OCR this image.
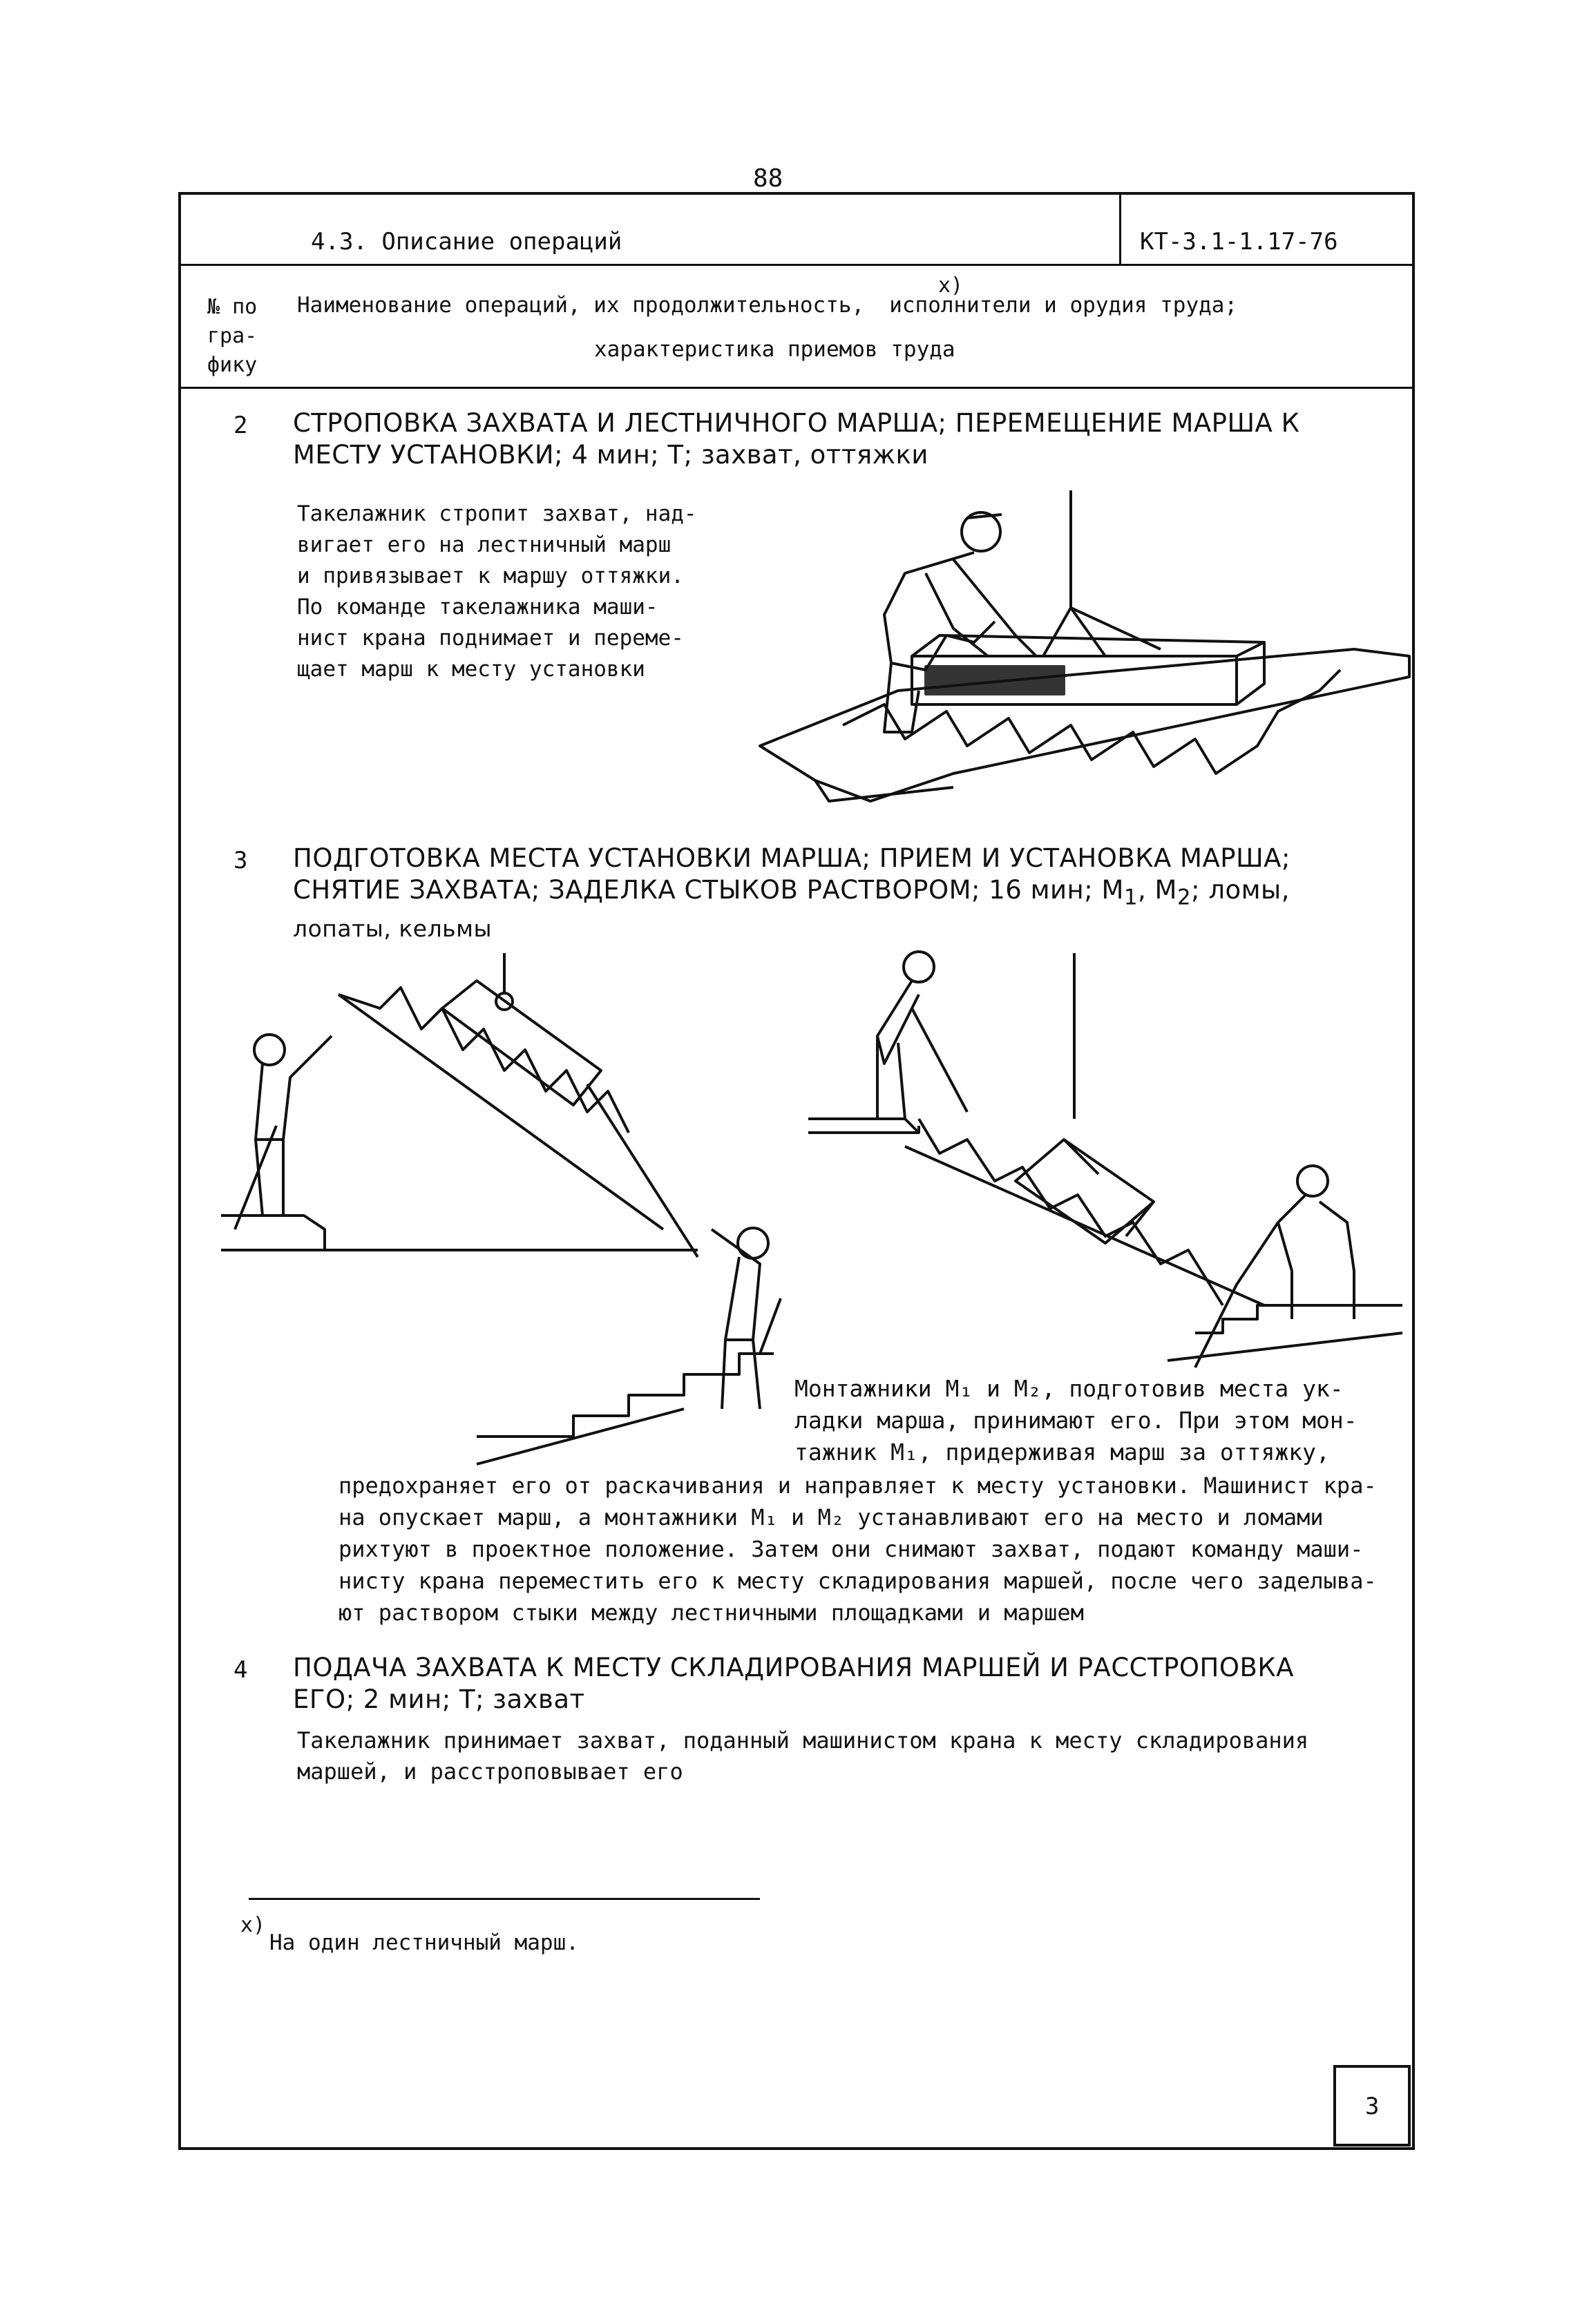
88
4.3. Описание операций	КТ-3.1-1.17-76
№ по
гра-
фику
Наименование операций, их продолжительность, исполнители и орудия труда;
x)
характеристика приемов труда
2 СТРОПОВКА ЗАХВАТА И ЛЕСТНИЧНОГО МАРША; ПЕРЕМЕЩЕНИЕ МАРША К
МЕСТУ УСТАНОВКИ; 4 мин; Т; захват, оттяжки
Такелажник стропит захват, над-
вигает его на лестничный марш
и привязывает к маршу оттяжки.
По команде такелажника маши-
нист крана поднимает и переме-
щает марш к месту установки
3 ПОДГОТОВКА МЕСТА УСТАНОВКИ МАРША; ПРИЕМ И УСТАНОВКА МАРША;
СНЯТИЕ ЗАХВАТА; ЗАДЕЛКА СТЫКОВ РАСТВОРОМ; 16 мин; $М_1$, $М_2$; ломы,
лопаты, кельмы
Монтажники М₁ и М₂, подготовив места ук-
ладки марша, принимают его. При этом мон-
тажник М₁, придерживая марш за оттяжку,
предохраняет его от раскачивания и направляет к месту установки. Машинист кра-
на опускает марш, а монтажники М₁ и М₂ устанавливают его на место и ломами
рихтуют в проектное положение. Затем они снимают захват, подают команду маши-
нисту крана переместить его к месту складирования маршей, после чего заделыва-
ют раствором стыки между лестничными площадками и маршем
4 ПОДАЧА ЗАХВАТА К МЕСТУ СКЛАДИРОВАНИЯ МАРШЕЙ И РАССТРОПОВКА
ЕГО; 2 мин; Т; захват
Такелажник принимает захват, поданный машинистом крана к месту складирования
маршей, и расстроповывает его
x)
На один лестничный марш.
3
